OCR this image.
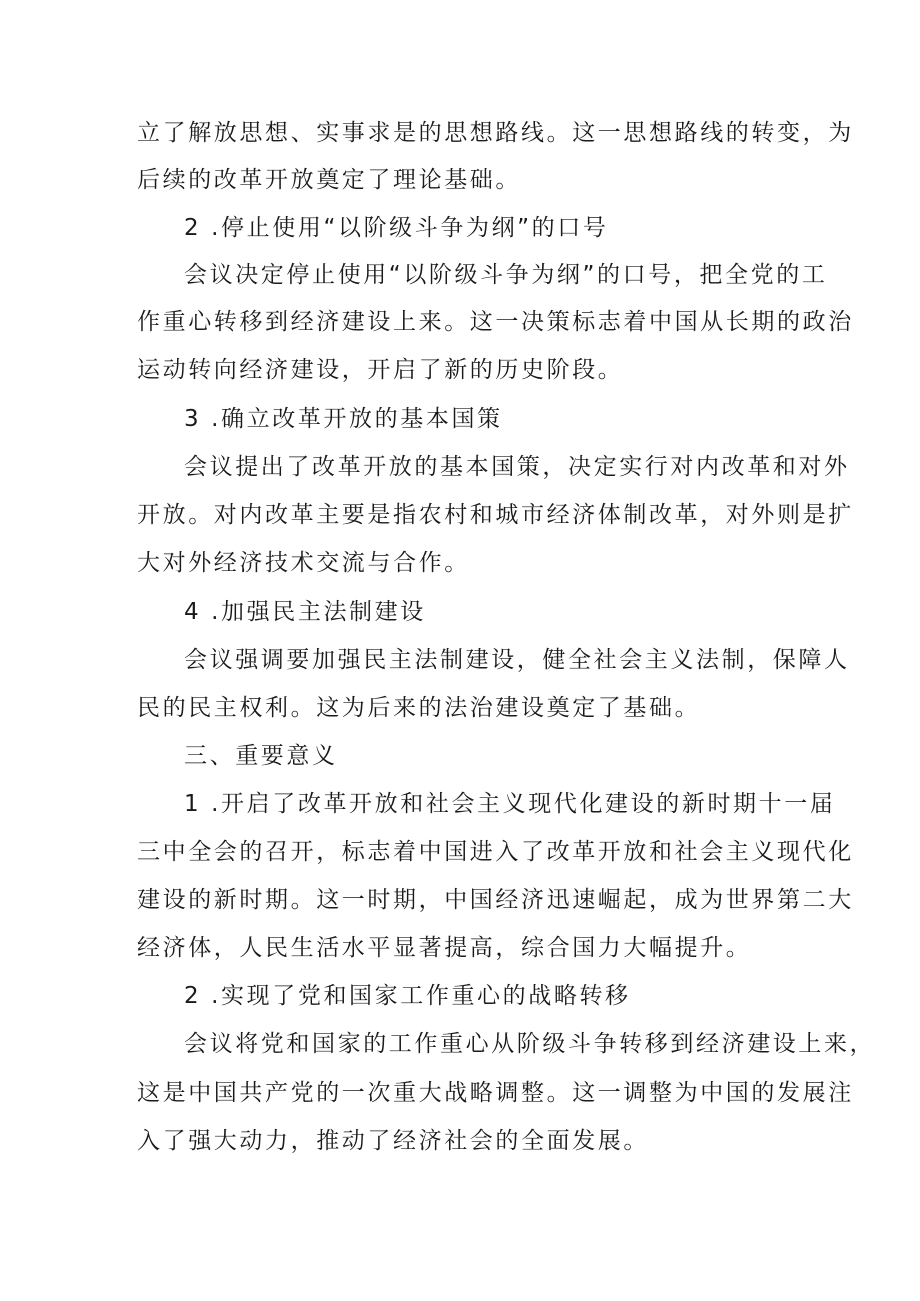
立了解放思想、实事求是的思想路线。这一思想路线的转变，为
后续的改革开放奠定了理论基础。
2 .停止使用“以阶级斗争为纲”的口号
会议决定停止使用“以阶级斗争为纲”的口号，把全党的工
作重心转移到经济建设上来。这一决策标志着中国从长期的政治
运动转向经济建设，开启了新的历史阶段。
3 .确立改革开放的基本国策
会议提出了改革开放的基本国策，决定实行对内改革和对外
开放。对内改革主要是指农村和城市经济体制改革，对外则是扩
大对外经济技术交流与合作。
4 .加强民主法制建设
会议强调要加强民主法制建设，健全社会主义法制，保障人
民的民主权利。这为后来的法治建设奠定了基础。
三、重要意义
1 .开启了改革开放和社会主义现代化建设的新时期十一届
三中全会的召开，标志着中国进入了改革开放和社会主义现代化
建设的新时期。这一时期，中国经济迅速崛起，成为世界第二大
经济体，人民生活水平显著提高，综合国力大幅提升。
2 .实现了党和国家工作重心的战略转移
会议将党和国家的工作重心从阶级斗争转移到经济建设上来，
这是中国共产党的一次重大战略调整。这一调整为中国的发展注
入了强大动力，推动了经济社会的全面发展。
